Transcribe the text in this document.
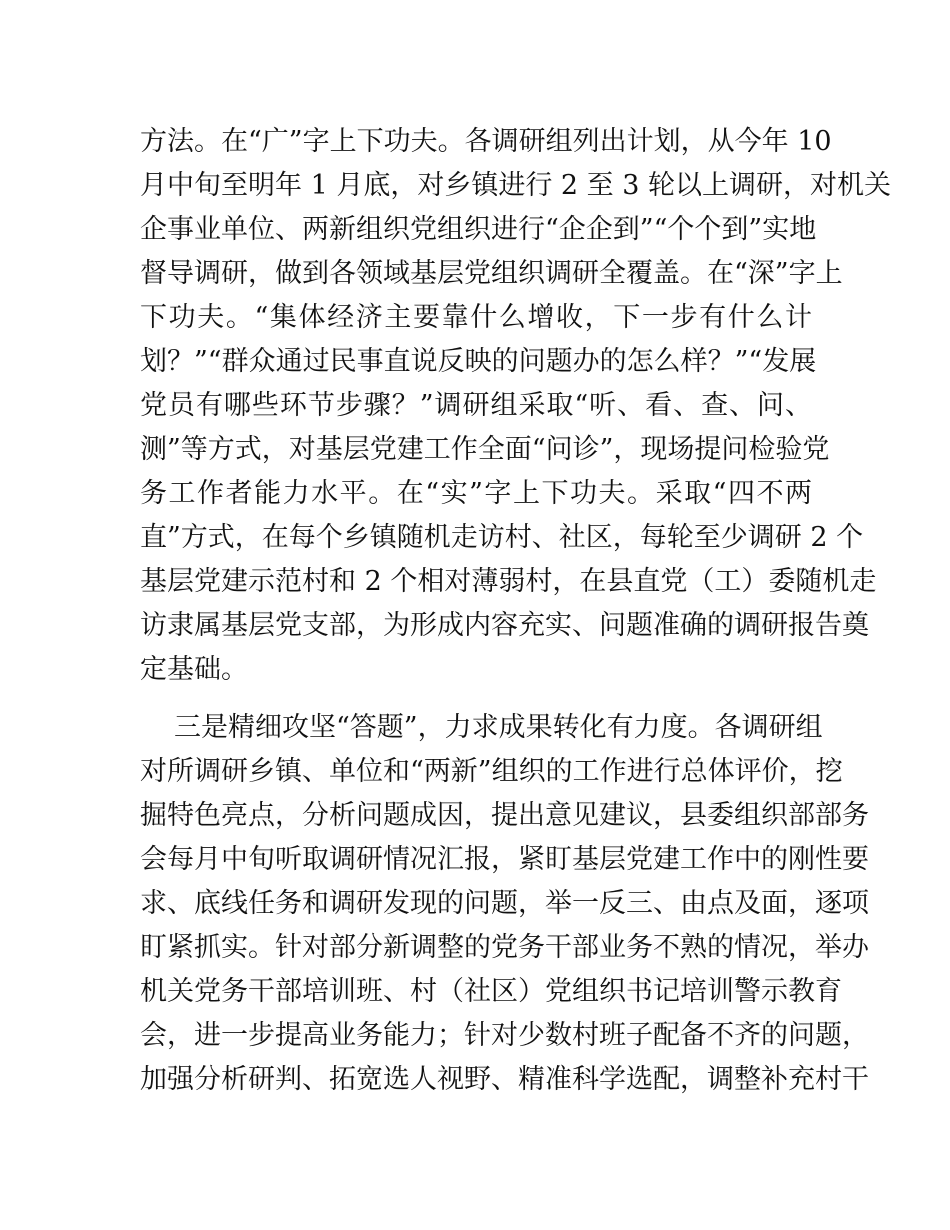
方法。在“广”字上下功夫。各调研组列出计划，从今年 10
月中旬至明年 1 月底，对乡镇进行 2 至 3 轮以上调研，对机关
企事业单位、两新组织党组织进行“企企到”“个个到”实地
督导调研，做到各领域基层党组织调研全覆盖。在“深”字上
下功夫。“集体经济主要靠什么增收，下一步有什么计
划？”“群众通过民事直说反映的问题办的怎么样？”“发展
党员有哪些环节步骤？”调研组采取“听、看、查、问、
测”等方式，对基层党建工作全面“问诊”，现场提问检验党
务工作者能力水平。在“实”字上下功夫。采取“四不两
直”方式，在每个乡镇随机走访村、社区，每轮至少调研 2 个
基层党建示范村和 2 个相对薄弱村，在县直党（工）委随机走
访隶属基层党支部，为形成内容充实、问题准确的调研报告奠
定基础。
三是精细攻坚“答题”，力求成果转化有力度。各调研组
对所调研乡镇、单位和“两新”组织的工作进行总体评价，挖
掘特色亮点，分析问题成因，提出意见建议，县委组织部部务
会每月中旬听取调研情况汇报，紧盯基层党建工作中的刚性要
求、底线任务和调研发现的问题，举一反三、由点及面，逐项
盯紧抓实。针对部分新调整的党务干部业务不熟的情况，举办
机关党务干部培训班、村（社区）党组织书记培训警示教育
会，进一步提高业务能力；针对少数村班子配备不齐的问题，
加强分析研判、拓宽选人视野、精准科学选配，调整补充村干
